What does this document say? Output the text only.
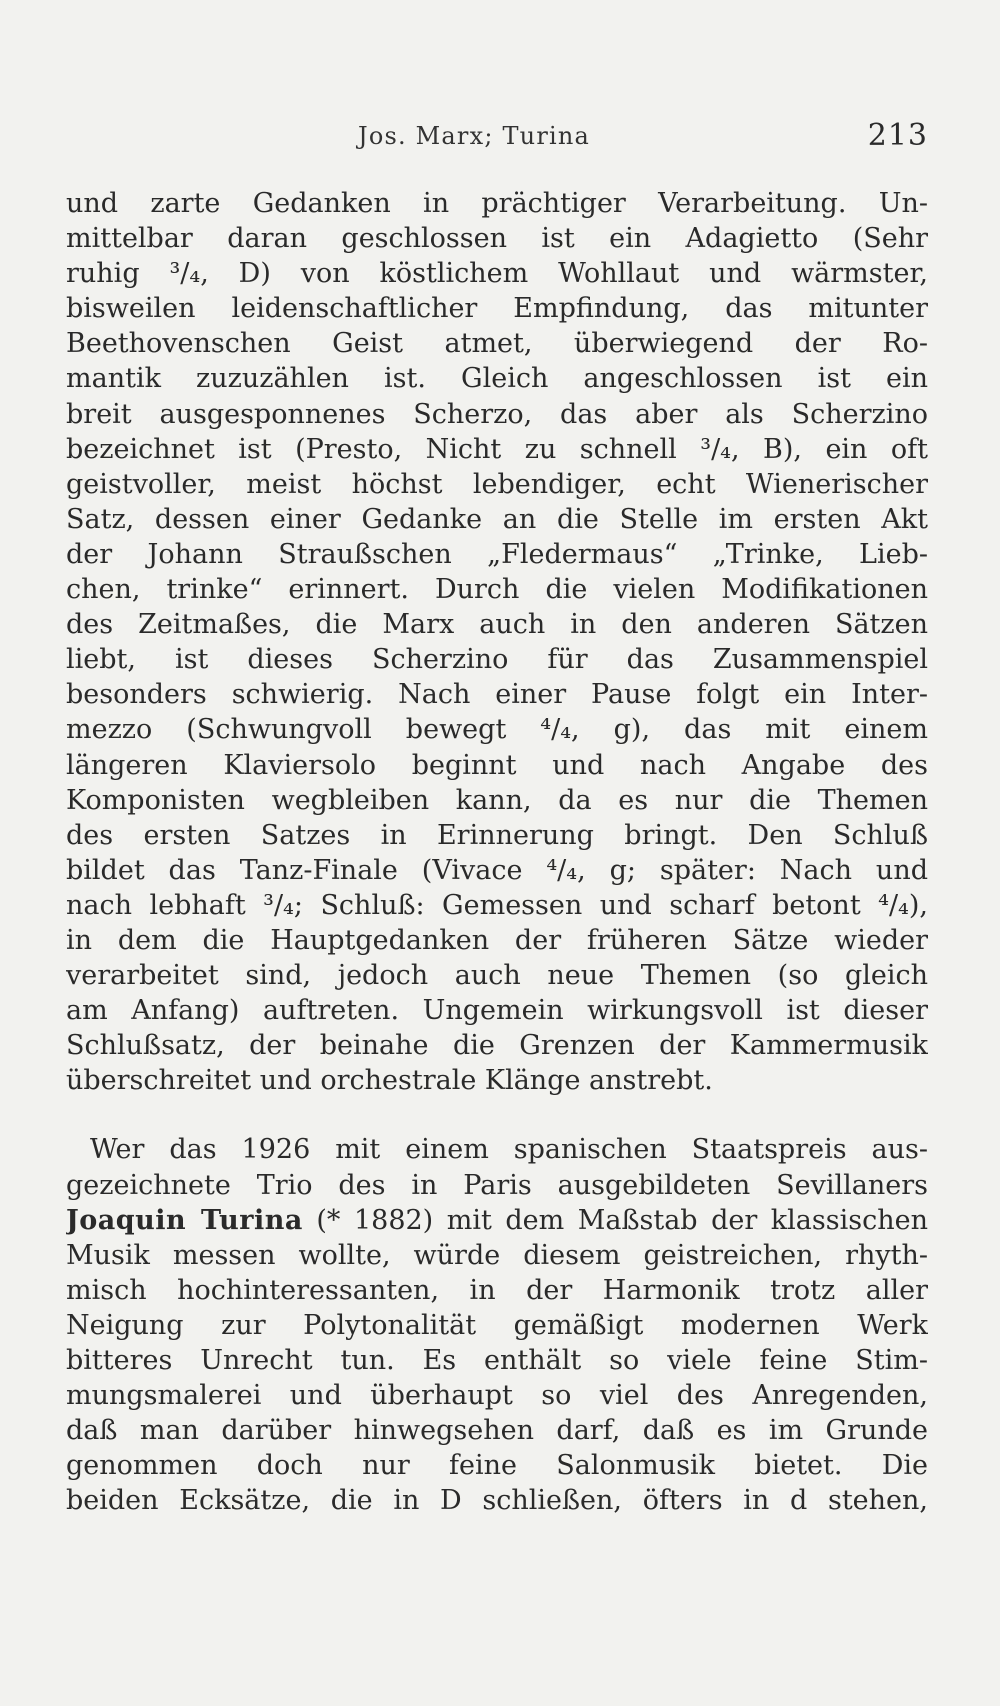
Jos. Marx; Turina	213
und zarte Gedanken in prächtiger Verarbeitung. Un-
mittelbar daran geschlossen ist ein Adagietto (Sehr
ruhig ³/₄, D) von köstlichem Wohllaut und wärmster,
bisweilen leidenschaftlicher Empfindung, das mitunter
Beethovenschen Geist atmet, überwiegend der Ro-
mantik zuzuzählen ist. Gleich angeschlossen ist ein
breit ausgesponnenes Scherzo, das aber als Scherzino
bezeichnet ist (Presto, Nicht zu schnell ³/₄, B), ein oft
geistvoller, meist höchst lebendiger, echt Wienerischer
Satz, dessen einer Gedanke an die Stelle im ersten Akt
der Johann Straußschen „Fledermaus“ „Trinke, Lieb-
chen, trinke“ erinnert. Durch die vielen Modifikationen
des Zeitmaßes, die Marx auch in den anderen Sätzen
liebt, ist dieses Scherzino für das Zusammenspiel
besonders schwierig. Nach einer Pause folgt ein Inter-
mezzo (Schwungvoll bewegt ⁴/₄, g), das mit einem
längeren Klaviersolo beginnt und nach Angabe des
Komponisten wegbleiben kann, da es nur die Themen
des ersten Satzes in Erinnerung bringt. Den Schluß
bildet das Tanz-Finale (Vivace ⁴/₄, g; später: Nach und
nach lebhaft ³/₄; Schluß: Gemessen und scharf betont ⁴/₄),
in dem die Hauptgedanken der früheren Sätze wieder
verarbeitet sind, jedoch auch neue Themen (so gleich
am Anfang) auftreten. Ungemein wirkungsvoll ist dieser
Schlußsatz, der beinahe die Grenzen der Kammermusik
überschreitet und orchestrale Klänge anstrebt.
Wer das 1926 mit einem spanischen Staatspreis aus-
gezeichnete Trio des in Paris ausgebildeten Sevillaners
Joaquin Turina (* 1882) mit dem Maßstab der klassischen
Musik messen wollte, würde diesem geistreichen, rhyth-
misch hochinteressanten, in der Harmonik trotz aller
Neigung zur Polytonalität gemäßigt modernen Werk
bitteres Unrecht tun. Es enthält so viele feine Stim-
mungsmalerei und überhaupt so viel des Anregenden,
daß man darüber hinwegsehen darf, daß es im Grunde
genommen doch nur feine Salonmusik bietet. Die
beiden Ecksätze, die in D schließen, öfters in d stehen,
